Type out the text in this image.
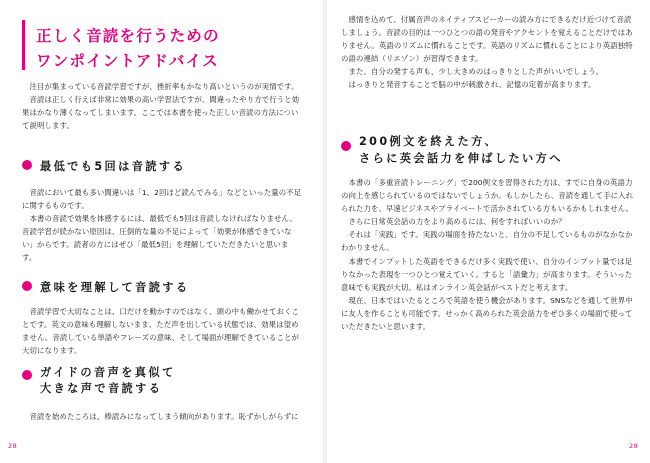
正しく音読を行うための
ワンポイントアドバイス

　注目が集まっている音読学習ですが、挫折率もかなり高いというのが実情です。
　音読は正しく行えば非常に効果の高い学習法ですが、間違ったやり方で行うと効果はかなり薄くなってしまいます。ここでは本書を使った正しい音読の方法について説明します。

最低でも5回は音読する

　音読において最も多い間違いは「1、2回ほど読んでみる」などといった量の不足に関するものです。
　本書の音読で効果を体感するには、最低でも5回は音読しなければなりません。音読学習が続かない原因は、圧倒的な量の不足によって「効果が体感できていない」からです。読者の方にはぜひ「最低5回」を理解していただきたいと思います。

意味を理解して音読する

　音読学習で大切なことは、口だけを動かすのではなく、頭の中も働かせておくことです。英文の意味も理解しないまま、ただ声を出している状態では、効果は望めません。音読している単語やフレーズの意味、そして場面が理解できていることが大切になります。

ガイドの音声を真似て
大きな声で音読する

　音読を始めたころは、棒読みになってしまう傾向があります。恥ずかしがらずに

28

　感情を込めて、付属音声のネイティブスピーカーの読み方にできるだけ近づけて音読しましょう。音読の目的は一つひとつの語の発音やアクセントを覚えることだけではありません。英語のリズムに慣れることです。英語のリズムに慣れることにより英語独特の語の連結（リエゾン）が習得できます。
　また、自分の発する声も、少し大きめのはっきりとした声がいいでしょう。
　はっきりと発音することで脳の中が刺激され、記憶の定着が高まります。

200例文を終えた方、
さらに英会話力を伸ばしたい方へ

　本書の「多重音読トレーニング」で200例文を習得された方は、すでに自身の英語力の向上を感じられているのではないでしょうか。もしかしたら、音読を通して手に入れられた力を、早速ビジネスやプライベートで活かされている方もいるかもしれません。
　さらに日常英会話の力をより高めるには、何をすればいいのか？
　それは「実践」です。実践の場面を持たないと、自分の不足しているものがなかなかわかりません。
　本書でインプットした英語をできるだけ多く実践で使い、自分のインプット量では足りなかった表現を一つひとつ覚えていく。すると「語彙力」が高まります。そういった意味でも実践が大切。私はオンライン英会話がベストだと考えます。
　現在、日本ではいたるところで英語を使う機会があります。SNSなどを通して世界中に友人を作ることも可能です。せっかく高められた英会話力をぜひ多くの場面で使っていただきたいと思います。

29
